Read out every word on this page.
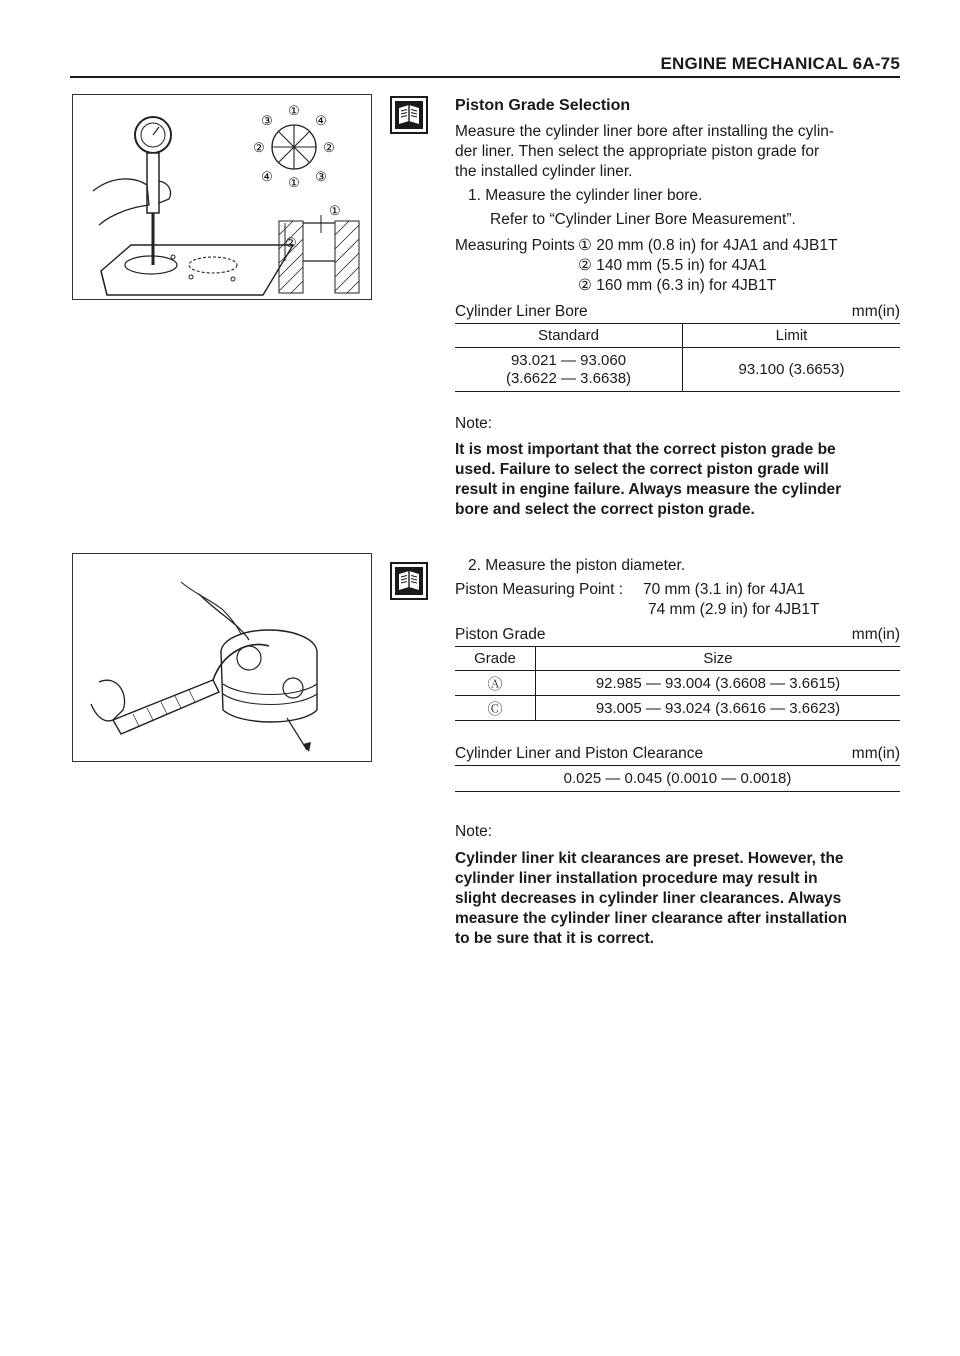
ENGINE MECHANICAL 6A-75
①
①
②	②
③
③
④
④
①
②
Piston Grade Selection
Measure the cylinder liner bore after installing the cylin-
der liner. Then select the appropriate piston grade for
the installed cylinder liner.
1. Measure the cylinder liner bore.
Refer to “Cylinder Liner Bore Measurement”.
Measuring Points ① 20 mm (0.8 in) for 4JA1 and 4JB1T
② 140 mm (5.5 in) for 4JA1
② 160 mm (6.3 in) for 4JB1T
Cylinder Liner Bore	mm(in)
Standard	Limit

93.021 — 93.060
(3.6622 — 3.6638)	93.100 (3.6653)
Note:
It is most important that the correct piston grade be
used. Failure to select the correct piston grade will
result in engine failure. Always measure the cylinder
bore and select the correct piston grade.
2. Measure the piston diameter.
Piston Measuring Point : 70 mm (3.1 in) for 4JA1
74 mm (2.9 in) for 4JB1T
Piston Grade	mm(in)
Grade	Size
Ⓐ	92.985 — 93.004 (3.6608 — 3.6615)
Ⓒ	93.005 — 93.024 (3.6616 — 3.6623)
Cylinder Liner and Piston Clearance	mm(in)
0.025 — 0.045 (0.0010 — 0.0018)
Note:
Cylinder liner kit clearances are preset. However, the
cylinder liner installation procedure may result in
slight decreases in cylinder liner clearances. Always
measure the cylinder liner clearance after installation
to be sure that it is correct.
